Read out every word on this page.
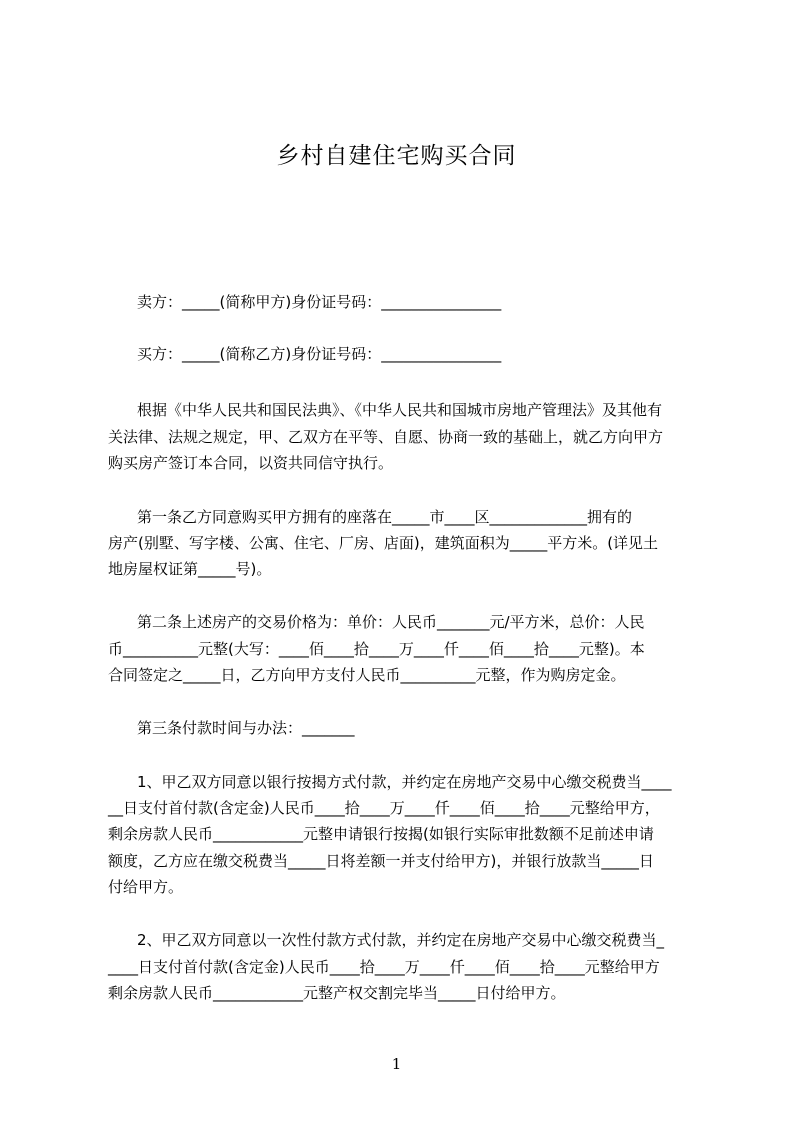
乡村自建住宅购买合同
卖方：_____(简称甲方)身份证号码：________________
买方：_____(简称乙方)身份证号码：________________
根据《中华人民共和国民法典》、《中华人民共和国城市房地产管理法》及其他有
关法律、法规之规定，甲、乙双方在平等、自愿、协商一致的基础上，就乙方向甲方
购买房产签订本合同，以资共同信守执行。
第一条乙方同意购买甲方拥有的座落在_____市____区_____________拥有的
房产(别墅、写字楼、公寓、住宅、厂房、店面)，建筑面积为_____平方米。(详见土
地房屋权证第_____号)。
第二条上述房产的交易价格为：单价：人民币_______元/平方米，总价：人民
币__________元整(大写：____佰____拾____万____仟____佰____拾____元整)。本
合同签定之_____日，乙方向甲方支付人民币__________元整，作为购房定金。
第三条付款时间与办法：_______
1、甲乙双方同意以银行按揭方式付款，并约定在房地产交易中心缴交税费当____
__日支付首付款(含定金)人民币____拾____万____仟____佰____拾____元整给甲方，
剩余房款人民币____________元整申请银行按揭(如银行实际审批数额不足前述申请
额度，乙方应在缴交税费当_____日将差额一并支付给甲方)，并银行放款当_____日
付给甲方。
2、甲乙双方同意以一次性付款方式付款，并约定在房地产交易中心缴交税费当_
____日支付首付款(含定金)人民币____拾____万____仟____佰____拾____元整给甲方
剩余房款人民币____________元整产权交割完毕当_____日付给甲方。
1
